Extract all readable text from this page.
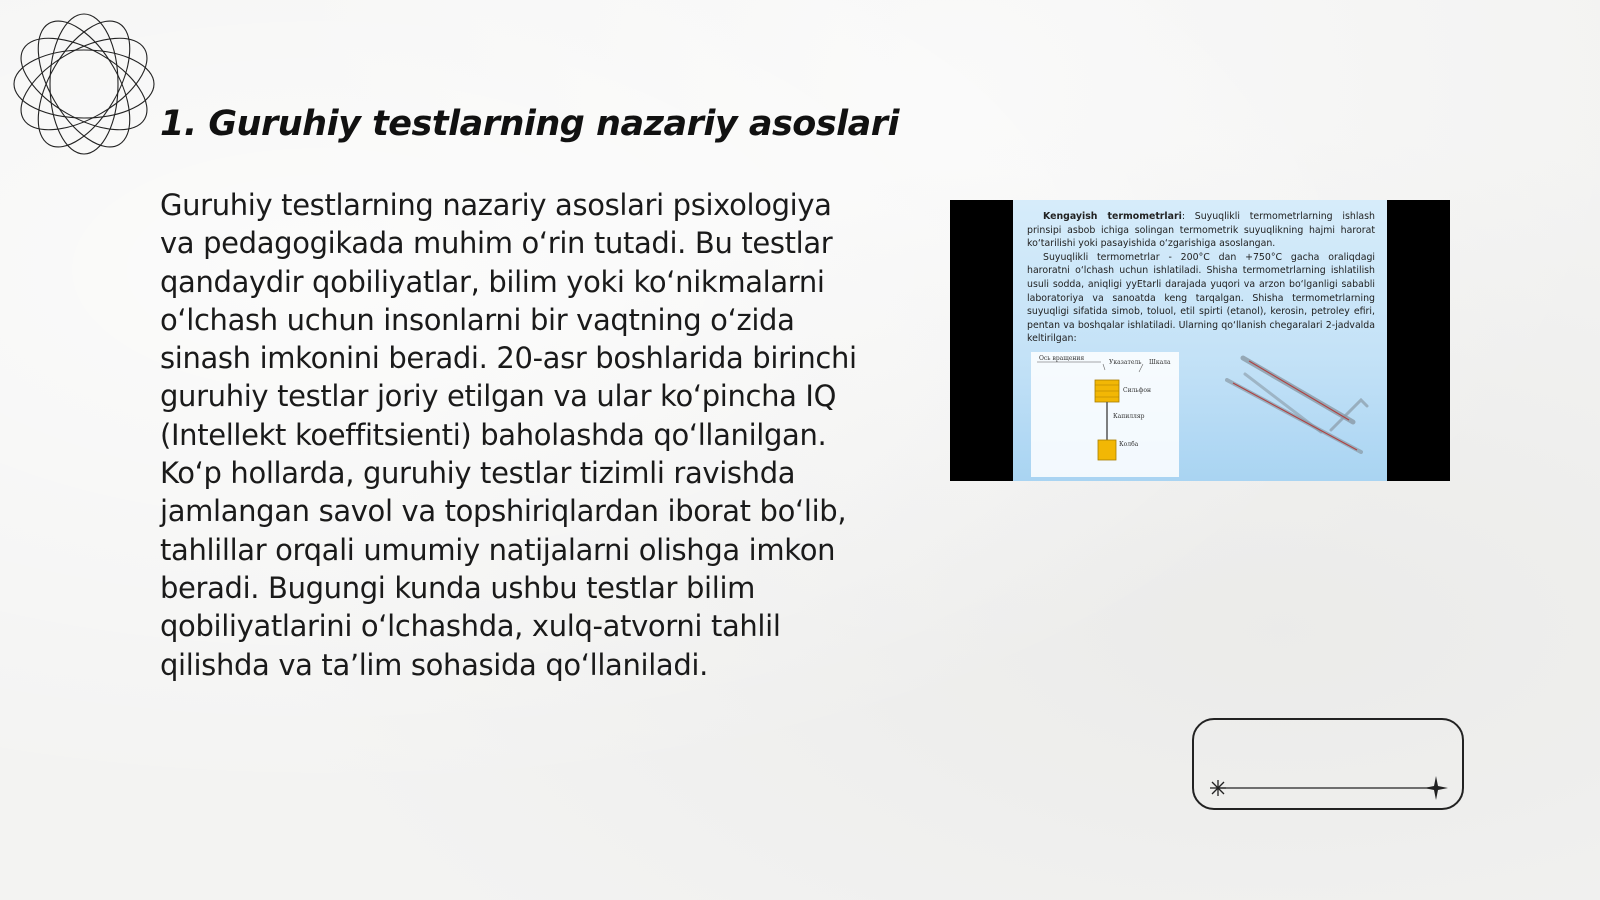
1. Guruhiy testlarning nazariy asoslari

Guruhiy testlarning nazariy asoslari psixologiya va pedagogikada muhim o‘rin tutadi. Bu testlar qandaydir qobiliyatlar, bilim yoki ko‘nikmalarni o‘lchash uchun insonlarni bir vaqtning o‘zida sinash imkonini beradi. 20-asr boshlarida birinchi guruhiy testlar joriy etilgan va ular ko‘pincha IQ (Intellekt koeffitsienti) baholashda qo‘llanilgan. Ko‘p hollarda, guruhiy testlar tizimli ravishda jamlangan savol va topshiriqlardan iborat bo‘lib, tahlillar orqali umumiy natijalarni olishga imkon beradi. Bugungi kunda ushbu testlar bilim qobiliyatlarini o‘lchashda, xulq-atvorni tahlil qilishda va ta’lim sohasida qo‘llaniladi.

Kengayish termometrlari: Suyuqlikli termometrlarning ishlash prinsipi asbob ichiga solingan termometrik suyuqlikning hajmi harorat ko‘tarilishi yoki pasayishida o‘zgarishiga asoslangan.

Suyuqlikli termometrlar - 200°C dan +750°C gacha oraliqdagi haroratni o‘lchash uchun ishlatiladi. Shisha termometrlarning ishlatilish usuli sodda, aniqligi yyEtarli darajada yuqori va arzon bo‘lganligi sababli laboratoriya va sanoatda keng tarqalgan. Shisha termometrlarning suyuqligi sifatida simob, toluol, etil spirti (etanol), kerosin, petroley efiri, pentan va boshqalar ishlatiladi. Ularning qo‘llanish chegaralari 2-jadvalda keltirilgan:

Ось вращения
Указатель Шкала
Сильфон
Капилляр
Колба
